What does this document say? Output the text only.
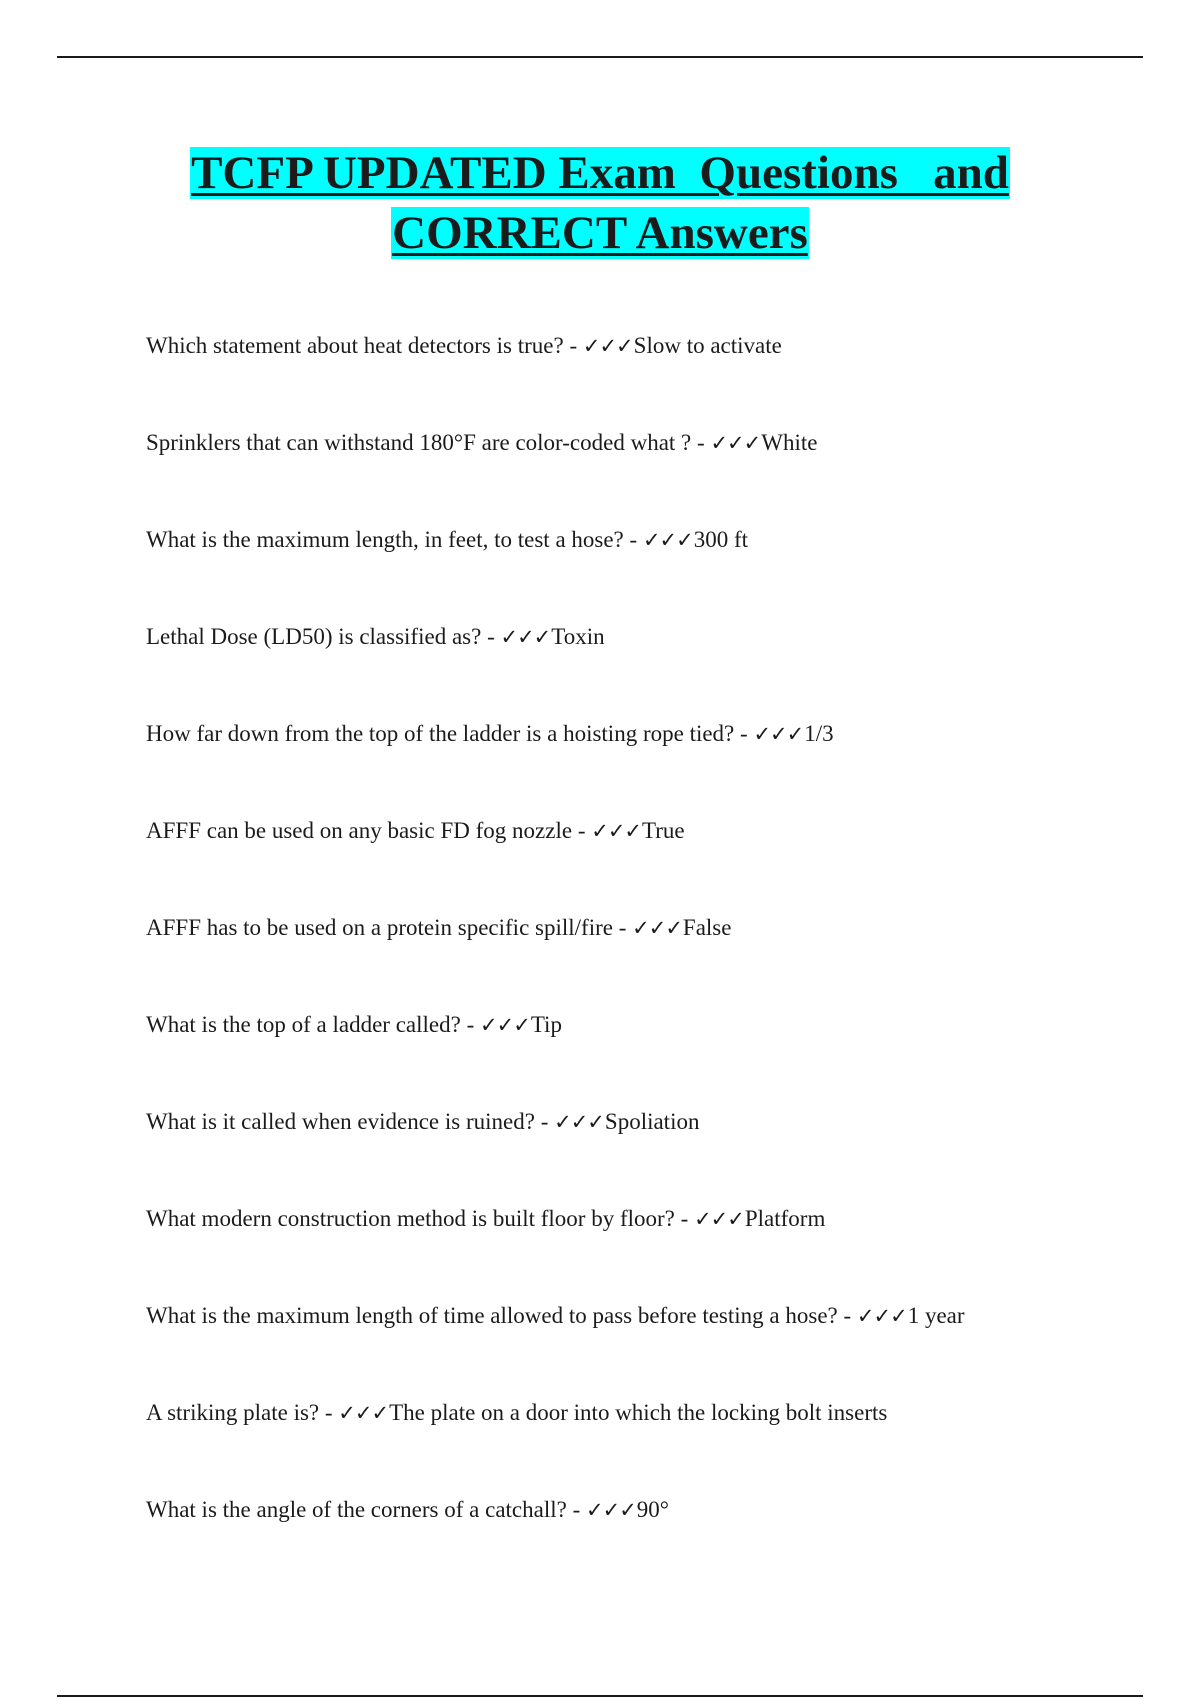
TCFP UPDATED Exam  Questions   and
CORRECT Answers
Which statement about heat detectors is true? - ✓✓✓Slow to activate
Sprinklers that can withstand 180°F are color-coded what ? - ✓✓✓White
What is the maximum length, in feet, to test a hose? - ✓✓✓300 ft
Lethal Dose (LD50) is classified as? - ✓✓✓Toxin
How far down from the top of the ladder is a hoisting rope tied? - ✓✓✓1/3
AFFF can be used on any basic FD fog nozzle - ✓✓✓True
AFFF has to be used on a protein specific spill/fire - ✓✓✓False
What is the top of a ladder called? - ✓✓✓Tip
What is it called when evidence is ruined? - ✓✓✓Spoliation
What modern construction method is built floor by floor? - ✓✓✓Platform
What is the maximum length of time allowed to pass before testing a hose? - ✓✓✓1 year
A striking plate is? - ✓✓✓The plate on a door into which the locking bolt inserts
What is the angle of the corners of a catchall? - ✓✓✓90°
